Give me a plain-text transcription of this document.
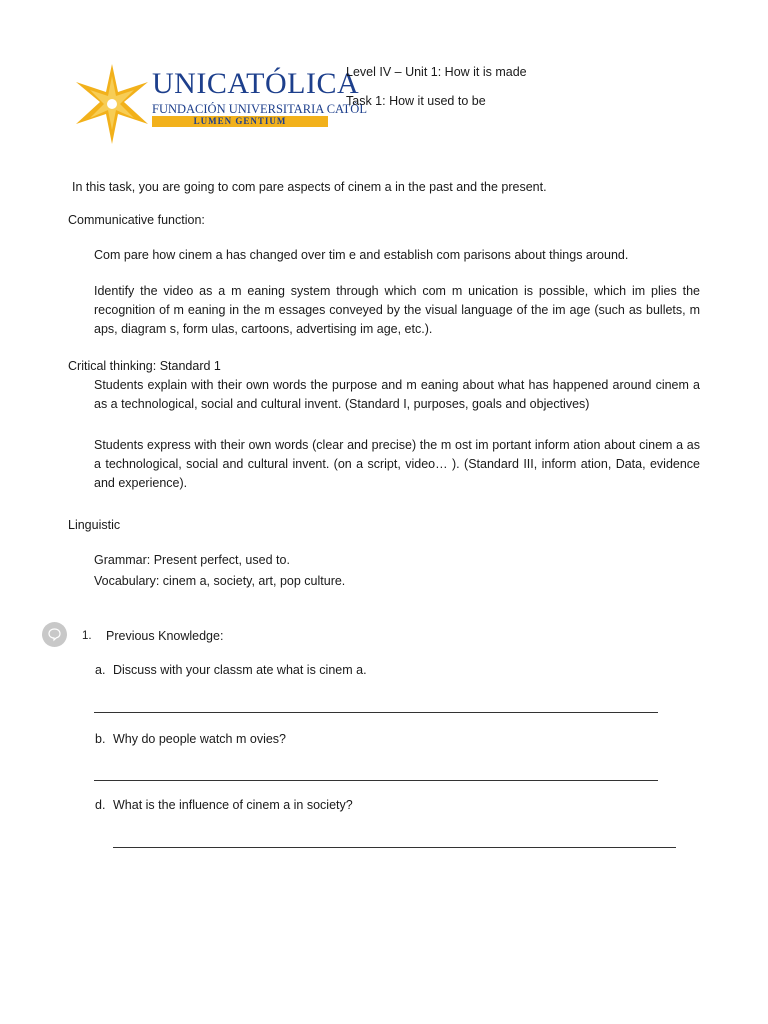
UNICATÓLICA
FUNDACIÓN UNIVERSITARIA CATÓL
LUMEN GENTIUM
Level IV – Unit 1: How it is made
Task 1: How it used to be
In this task, you are going to com pare aspects of cinem a in the past and the present.
Communicative function:
Com pare how cinem a has changed over tim e and establish com parisons about things around.
Identify the video as a m eaning system through which com m unication is possible, which im plies the recognition of m eaning in the m essages conveyed by the visual language of the im age (such as bullets, m aps, diagram s, form ulas, cartoons, advertising im age, etc.).
Critical thinking: Standard 1
Students explain with their own words the purpose and m eaning about what has happened around cinem a as a technological, social and cultural invent. (Standard I, purposes, goals and objectives)
Students express with their own words (clear and precise) the m ost im portant inform ation about cinem a as a technological, social and cultural invent. (on a script, video… ). (Standard III, inform ation, Data, evidence and experience).
Linguistic
Grammar: Present perfect, used to.
Vocabulary: cinem a, society, art, pop culture.
1. Previous Knowledge:
a. Discuss with your classm ate what is cinem a.
b. Why do people watch m ovies?
d. What is the influence of cinem a in society?
